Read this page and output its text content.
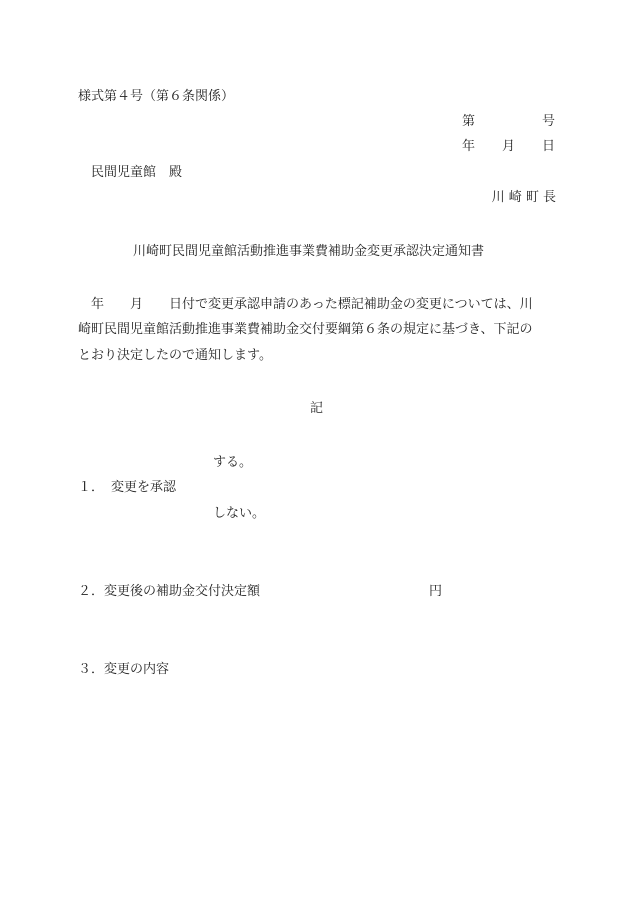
様式第４号（第６条関係）
第	号
年 月 日
民間児童館　殿
川 崎 町 長
川崎町民間児童館活動推進事業費補助金変更承認決定通知書
年 月 日付で変更承認申請のあった標記補助金の変更については、川
崎町民間児童館活動推進事業費補助金交付要綱第６条の規定に基づき、下記の
とおり決定したので通知します。
記
する。
１． 変更を承認
しない。
２． 変更後の補助金交付決定額	円
３． 変更の内容
